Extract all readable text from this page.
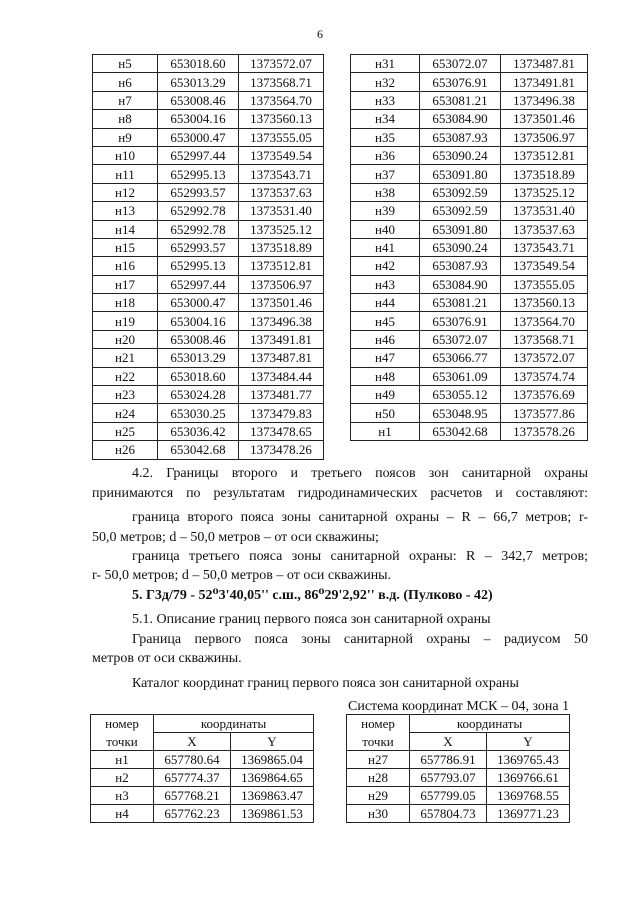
6
н5	653018.60	1373572.07
н6	653013.29	1373568.71
н7	653008.46	1373564.70
н8	653004.16	1373560.13
н9	653000.47	1373555.05
н10	652997.44	1373549.54
н11	652995.13	1373543.71
н12	652993.57	1373537.63
н13	652992.78	1373531.40
н14	652992.78	1373525.12
н15	652993.57	1373518.89
н16	652995.13	1373512.81
н17	652997.44	1373506.97
н18	653000.47	1373501.46
н19	653004.16	1373496.38
н20	653008.46	1373491.81
н21	653013.29	1373487.81
н22	653018.60	1373484.44
н23	653024.28	1373481.77
н24	653030.25	1373479.83
н25	653036.42	1373478.65
н26	653042.68	1373478.26
н31	653072.07	1373487.81
н32	653076.91	1373491.81
н33	653081.21	1373496.38
н34	653084.90	1373501.46
н35	653087.93	1373506.97
н36	653090.24	1373512.81
н37	653091.80	1373518.89
н38	653092.59	1373525.12
н39	653092.59	1373531.40
н40	653091.80	1373537.63
н41	653090.24	1373543.71
н42	653087.93	1373549.54
н43	653084.90	1373555.05
н44	653081.21	1373560.13
н45	653076.91	1373564.70
н46	653072.07	1373568.71
н47	653066.77	1373572.07
н48	653061.09	1373574.74
н49	653055.12	1373576.69
н50	653048.95	1373577.86
н1	653042.68	1373578.26
4.2. Границы второго и третьего поясов зон санитарной охраны
принимаются по результатам гидродинамических расчетов и составляют:
граница второго пояса зоны санитарной охраны – R – 66,7 метров; r-
50,0 метров; d – 50,0 метров – от оси скважины;
граница третьего пояса зоны санитарной охраны: R – 342,7 метров;
r- 50,0 метров; d – 50,0 метров – от оси скважины.
5. Г3д/79 - 52⁰3'40,05'' с.ш., 86⁰29'2,92'' в.д. (Пулково - 42)
5.1. Описание границ первого пояса зон санитарной охраны
Граница первого пояса зоны санитарной охраны – радиусом 50
метров от оси скважины.
Каталог координат границ первого пояса зон санитарной охраны
Система координат МСК – 04, зона 1
номер	координаты	
точки	X	Y
н1	657780.64	1369865.04
н2	657774.37	1369864.65
н3	657768.21	1369863.47
н4	657762.23	1369861.53
номер	координаты	
точки	X	Y
н27	657786.91	1369765.43
н28	657793.07	1369766.61
н29	657799.05	1369768.55
н30	657804.73	1369771.23
